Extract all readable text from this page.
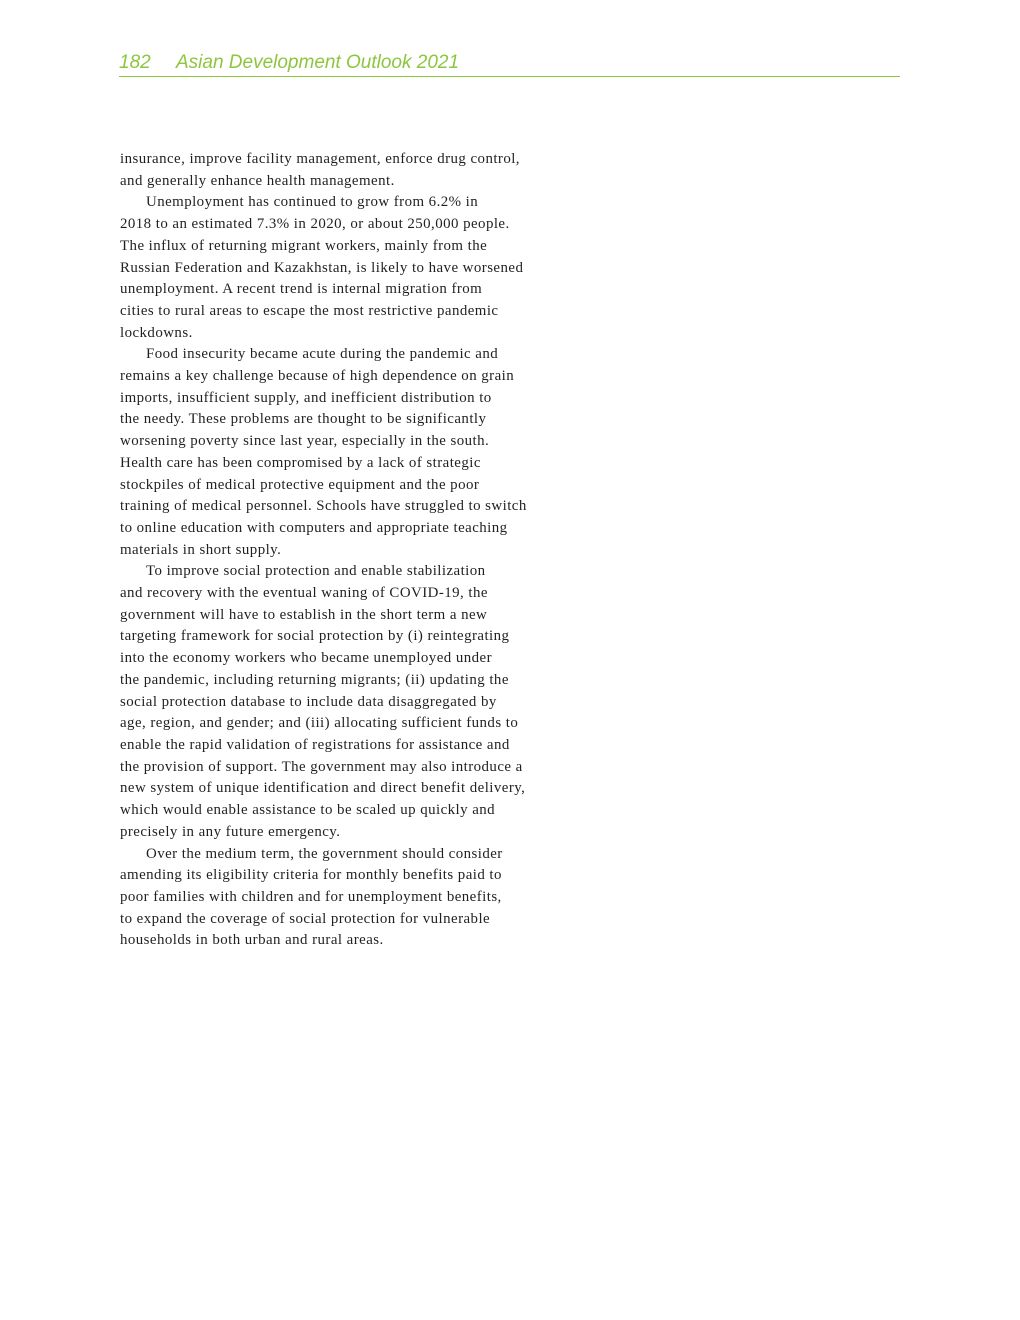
182 Asian Development Outlook 2021
insurance, improve facility management, enforce drug control,
and generally enhance health management.
Unemployment has continued to grow from 6.2% in
2018 to an estimated 7.3% in 2020, or about 250,000 people.
The influx of returning migrant workers, mainly from the
Russian Federation and Kazakhstan, is likely to have worsened
unemployment. A recent trend is internal migration from
cities to rural areas to escape the most restrictive pandemic
lockdowns.
Food insecurity became acute during the pandemic and
remains a key challenge because of high dependence on grain
imports, insufficient supply, and inefficient distribution to
the needy. These problems are thought to be significantly
worsening poverty since last year, especially in the south.
Health care has been compromised by a lack of strategic
stockpiles of medical protective equipment and the poor
training of medical personnel. Schools have struggled to switch
to online education with computers and appropriate teaching
materials in short supply.
To improve social protection and enable stabilization
and recovery with the eventual waning of COVID-19, the
government will have to establish in the short term a new
targeting framework for social protection by (i) reintegrating
into the economy workers who became unemployed under
the pandemic, including returning migrants; (ii) updating the
social protection database to include data disaggregated by
age, region, and gender; and (iii) allocating sufficient funds to
enable the rapid validation of registrations for assistance and
the provision of support. The government may also introduce a
new system of unique identification and direct benefit delivery,
which would enable assistance to be scaled up quickly and
precisely in any future emergency.
Over the medium term, the government should consider
amending its eligibility criteria for monthly benefits paid to
poor families with children and for unemployment benefits,
to expand the coverage of social protection for vulnerable
households in both urban and rural areas.
